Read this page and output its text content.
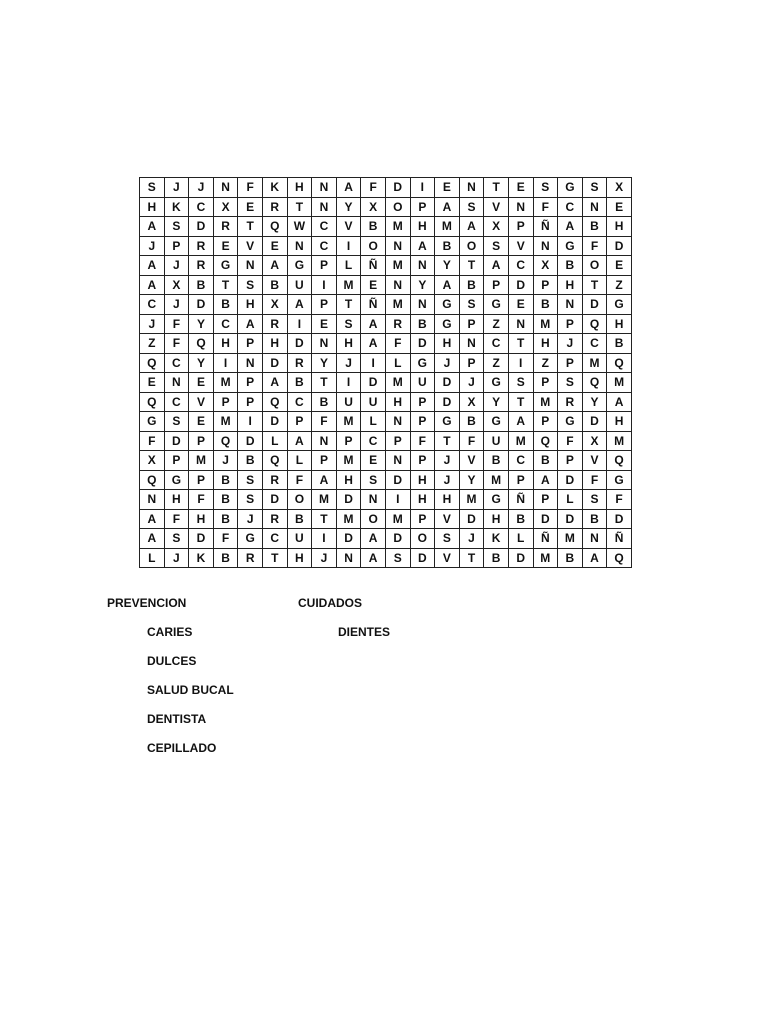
S	J	J	N	F	K	H	N	A	F	D	I	E	N	T	E	S	G	S	X
H	K	C	X	E	R	T	N	Y	X	O	P	A	S	V	N	F	C	N	E
A	S	D	R	T	Q	W	C	V	B	M	H	M	A	X	P	Ñ	A	B	H
J	P	R	E	V	E	N	C	I	O	N	A	B	O	S	V	N	G	F	D
A	J	R	G	N	A	G	P	L	Ñ	M	N	Y	T	A	C	X	B	O	E
A	X	B	T	S	B	U	I	M	E	N	Y	A	B	P	D	P	H	T	Z
C	J	D	B	H	X	A	P	T	Ñ	M	N	G	S	G	E	B	N	D	G
J	F	Y	C	A	R	I	E	S	A	R	B	G	P	Z	N	M	P	Q	H
Z	F	Q	H	P	H	D	N	H	A	F	D	H	N	C	T	H	J	C	B
Q	C	Y	I	N	D	R	Y	J	I	L	G	J	P	Z	I	Z	P	M	Q
E	N	E	M	P	A	B	T	I	D	M	U	D	J	G	S	P	S	Q	M
Q	C	V	P	P	Q	C	B	U	U	H	P	D	X	Y	T	M	R	Y	A
G	S	E	M	I	D	P	F	M	L	N	P	G	B	G	A	P	G	D	H
F	D	P	Q	D	L	A	N	P	C	P	F	T	F	U	M	Q	F	X	M
X	P	M	J	B	Q	L	P	M	E	N	P	J	V	B	C	B	P	V	Q
Q	G	P	B	S	R	F	A	H	S	D	H	J	Y	M	P	A	D	F	G
N	H	F	B	S	D	O	M	D	N	I	H	H	M	G	Ñ	P	L	S	F
A	F	H	B	J	R	B	T	M	O	M	P	V	D	H	B	D	D	B	D
A	S	D	F	G	C	U	I	D	A	D	O	S	J	K	L	Ñ	M	N	Ñ
L	J	K	B	R	T	H	J	N	A	S	D	V	T	B	D	M	B	A	Q
PREVENCION	CUIDADOS
CARIES	DIENTES
DULCES
SALUD BUCAL
DENTISTA
CEPILLADO
